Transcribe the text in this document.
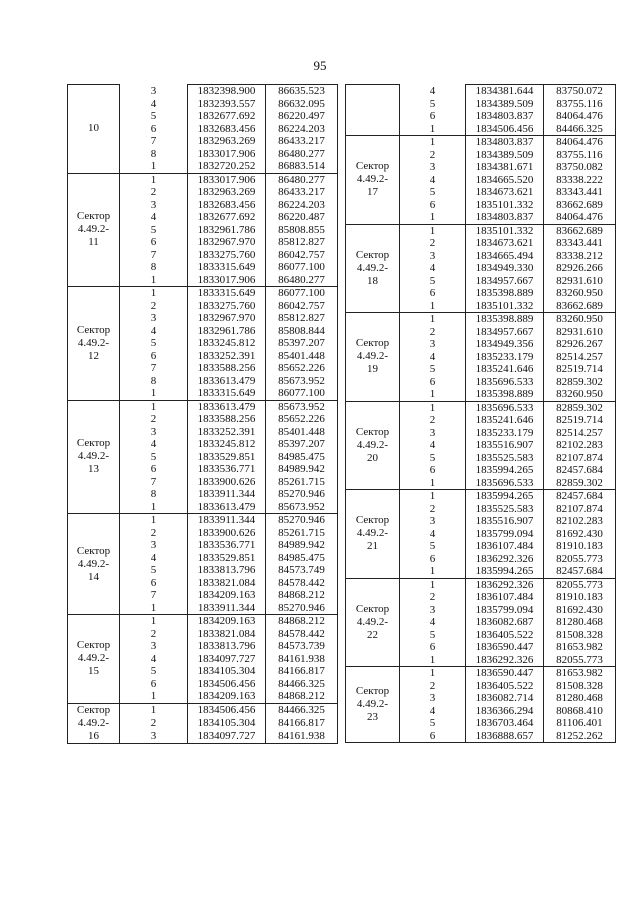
95
10	3	1832398.900	86635.523
	4	1832393.557	86632.095
	5	1832677.692	86220.497
	6	1832683.456	86224.203
	7	1832963.269	86433.217
	8	1833017.906	86480.277
	1	1832720.252	86883.514

Сектор
4.49.2-
11	1	1833017.906	86480.277
	2	1832963.269	86433.217
	3	1832683.456	86224.203
	4	1832677.692	86220.487
	5	1832961.786	85808.855
	6	1832967.970	85812.827
	7	1833275.760	86042.757
	8	1833315.649	86077.100
	1	1833017.906	86480.277

Сектор
4.49.2-
12	1	1833315.649	86077.100
	2	1833275.760	86042.757
	3	1832967.970	85812.827
	4	1832961.786	85808.844
	5	1833245.812	85397.207
	6	1833252.391	85401.448
	7	1833588.256	85652.226
	8	1833613.479	85673.952
	1	1833315.649	86077.100

Сектор
4.49.2-
13	1	1833613.479	85673.952
	2	1833588.256	85652.226
	3	1833252.391	85401.448
	4	1833245.812	85397.207
	5	1833529.851	84985.475
	6	1833536.771	84989.942
	7	1833900.626	85261.715
	8	1833911.344	85270.946
	1	1833613.479	85673.952

Сектор
4.49.2-
14	1	1833911.344	85270.946
	2	1833900.626	85261.715
	3	1833536.771	84989.942
	4	1833529.851	84985.475
	5	1833813.796	84573.749
	6	1833821.084	84578.442
	7	1834209.163	84868.212
	1	1833911.344	85270.946

Сектор
4.49.2-
15	1	1834209.163	84868.212
	2	1833821.084	84578.442
	3	1833813.796	84573.739
	4	1834097.727	84161.938
	5	1834105.304	84166.817
	6	1834506.456	84466.325
	1	1834209.163	84868.212

Сектор
4.49.2-
16	1	1834506.456	84466.325
	2	1834105.304	84166.817
	3	1834097.727	84161.938
	4	1834381.644	83750.072
	5	1834389.509	83755.116
	6	1834803.837	84064.476
	1	1834506.456	84466.325

Сектор
4.49.2-
17	1	1834803.837	84064.476
	2	1834389.509	83755.116
	3	1834381.671	83750.082
	4	1834665.520	83338.222
	5	1834673.621	83343.441
	6	1835101.332	83662.689
	1	1834803.837	84064.476

Сектор
4.49.2-
18	1	1835101.332	83662.689
	2	1834673.621	83343.441
	3	1834665.494	83338.212
	4	1834949.330	82926.266
	5	1834957.667	82931.610
	6	1835398.889	83260.950
	1	1835101.332	83662.689

Сектор
4.49.2-
19	1	1835398.889	83260.950
	2	1834957.667	82931.610
	3	1834949.356	82926.267
	4	1835233.179	82514.257
	5	1835241.646	82519.714
	6	1835696.533	82859.302
	1	1835398.889	83260.950

Сектор
4.49.2-
20	1	1835696.533	82859.302
	2	1835241.646	82519.714
	3	1835233.179	82514.257
	4	1835516.907	82102.283
	5	1835525.583	82107.874
	6	1835994.265	82457.684
	1	1835696.533	82859.302

Сектор
4.49.2-
21	1	1835994.265	82457.684
	2	1835525.583	82107.874
	3	1835516.907	82102.283
	4	1835799.094	81692.430
	5	1836107.484	81910.183
	6	1836292.326	82055.773
	1	1835994.265	82457.684

Сектор
4.49.2-
22	1	1836292.326	82055.773
	2	1836107.484	81910.183
	3	1835799.094	81692.430
	4	1836082.687	81280.468
	5	1836405.522	81508.328
	6	1836590.447	81653.982
	1	1836292.326	82055.773

Сектор
4.49.2-
23	1	1836590.447	81653.982
	2	1836405.522	81508.328
	3	1836082.714	81280.468
	4	1836366.294	80868.410
	5	1836703.464	81106.401
	6	1836888.657	81252.262
